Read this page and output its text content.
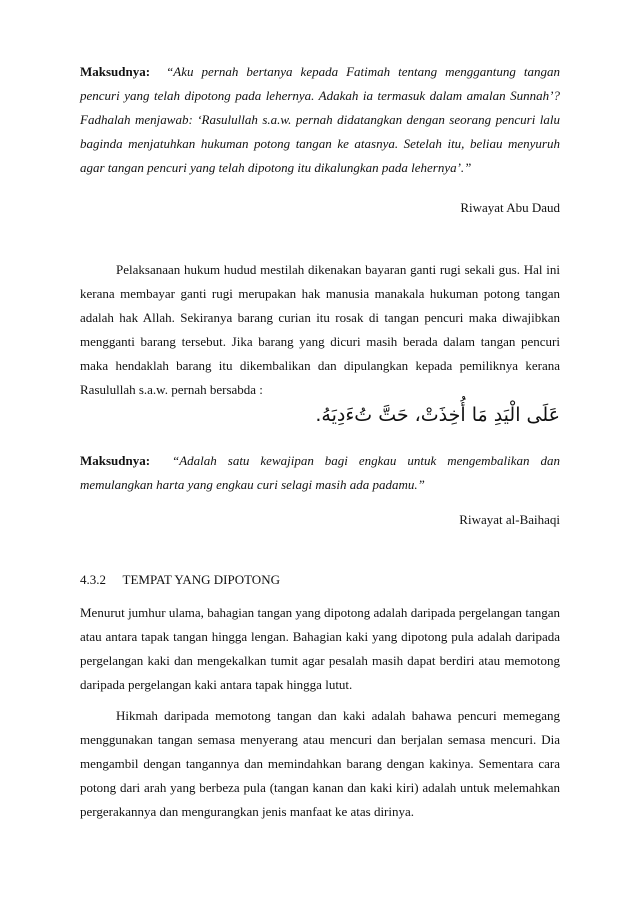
Maksudnya: “Aku pernah bertanya kepada Fatimah tentang menggantung tangan pencuri yang telah dipotong pada lehernya. Adakah ia termasuk dalam amalan Sunnah’? Fadhalah menjawab: ‘Rasulullah s.a.w. pernah didatangkan dengan seorang pencuri lalu baginda menjatuhkan hukuman potong tangan ke atasnya. Setelah itu, beliau menyuruh agar tangan pencuri yang telah dipotong itu dikalungkan pada lehernya’.”

Riwayat Abu Daud

Pelaksanaan hukum hudud mestilah dikenakan bayaran ganti rugi sekali gus. Hal ini kerana membayar ganti rugi merupakan hak manusia manakala hukuman potong tangan adalah hak Allah. Sekiranya barang curian itu rosak di tangan pencuri maka diwajibkan mengganti barang tersebut. Jika barang yang dicuri masih berada dalam tangan pencuri maka hendaklah barang itu dikembalikan dan dipulangkan kepada pemiliknya kerana Rasulullah s.a.w. pernah bersabda :

عَلَى الْيَدِ مَا أُخِذَتْ، حَتَّ تُءَدِيَهُ.

Maksudnya: “Adalah satu kewajipan bagi engkau untuk mengembalikan dan memulangkan harta yang engkau curi selagi masih ada padamu.”

Riwayat al-Baihaqi
4.3.2 TEMPAT YANG DIPOTONG

Menurut jumhur ulama, bahagian tangan yang dipotong adalah daripada pergelangan tangan atau antara tapak tangan hingga lengan. Bahagian kaki yang dipotong pula adalah daripada pergelangan kaki dan mengekalkan tumit agar pesalah masih dapat berdiri atau memotong daripada pergelangan kaki antara tapak hingga lutut.

Hikmah daripada memotong tangan dan kaki adalah bahawa pencuri memegang menggunakan tangan semasa menyerang atau mencuri dan berjalan semasa mencuri. Dia mengambil dengan tangannya dan memindahkan barang dengan kakinya. Sementara cara potong dari arah yang berbeza pula (tangan kanan dan kaki kiri) adalah untuk melemahkan pergerakannya dan mengurangkan jenis manfaat ke atas dirinya.
